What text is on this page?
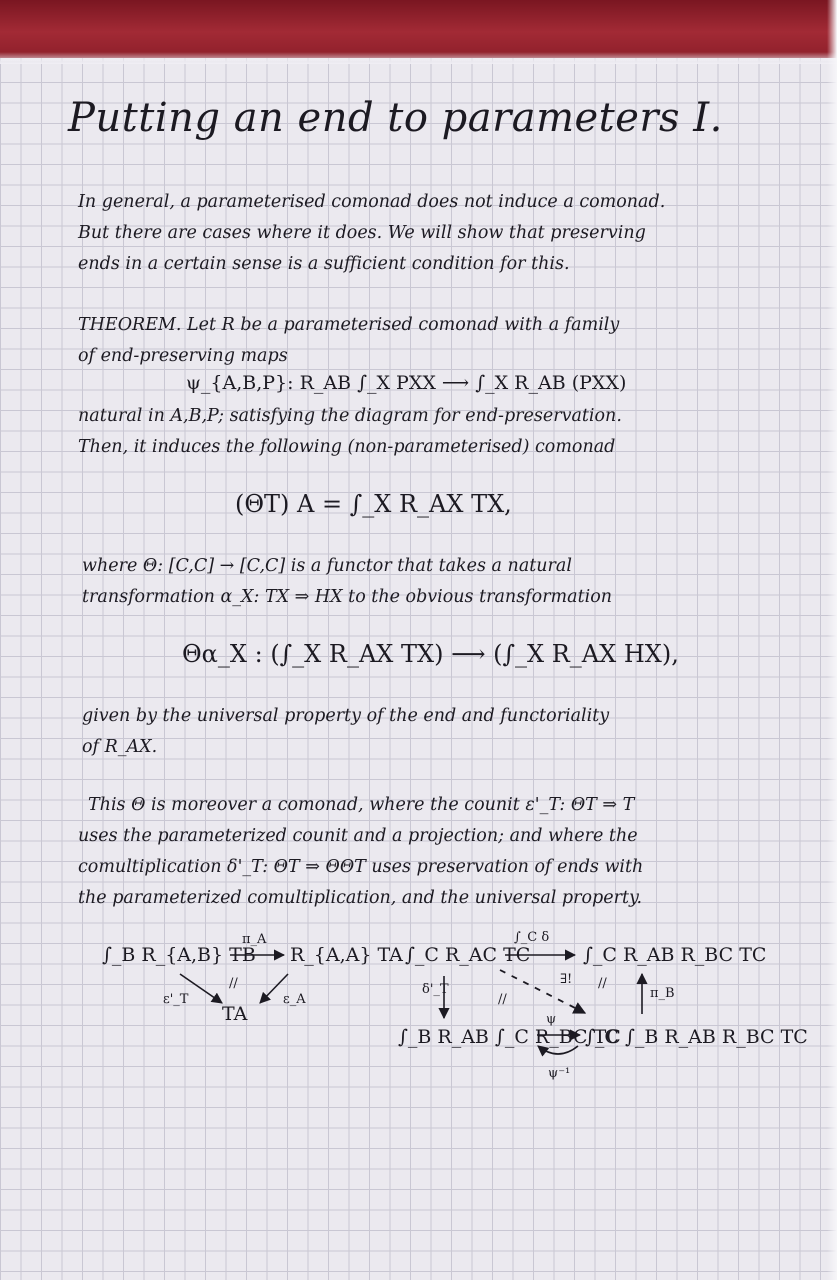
Putting an end to parameters I.
In general, a parameterised comonad does not induce a comonad.
But there are cases where it does. We will show that preserving
ends in a certain sense is a sufficient condition for this.
THEOREM. Let R be a parameterised comonad with a family
of end-preserving maps
ψ_{A,B,P}: R_AB ∫_X PXX ⟶ ∫_X R_AB (PXX)
natural in A,B,P; satisfying the diagram for end-preservation.
Then, it induces the following (non-parameterised) comonad
(ΘT) A = ∫_X R_AX TX,
where Θ: [C,C] → [C,C] is a functor that takes a natural
transformation α_X: TX ⇒ HX to the obvious transformation
Θα_X : (∫_X R_AX TX) ⟶ (∫_X R_AX HX),
given by the universal property of the end and functoriality
of R_AX.
This Θ is moreover a comonad, where the counit ε'_T: ΘT ⇒ T
uses the parameterized counit and a projection; and where the
comultiplication δ'_T: ΘT ⇒ ΘΘT uses preservation of ends with
the parameterized comultiplication, and the universal property.
∫_B R_{A,B} TB R_{A,A} TA
TA
π_A
ε'_T	ε_A
//
∫_C R_AC TC	∫_C R_AB R_BC TC
∫_B R_AB ∫_C R_BC TC
∫_C ∫_B R_AB R_BC TC
∫_C δ
δ'_T	π_B
ψ
ψ⁻¹
∃!
//
//
